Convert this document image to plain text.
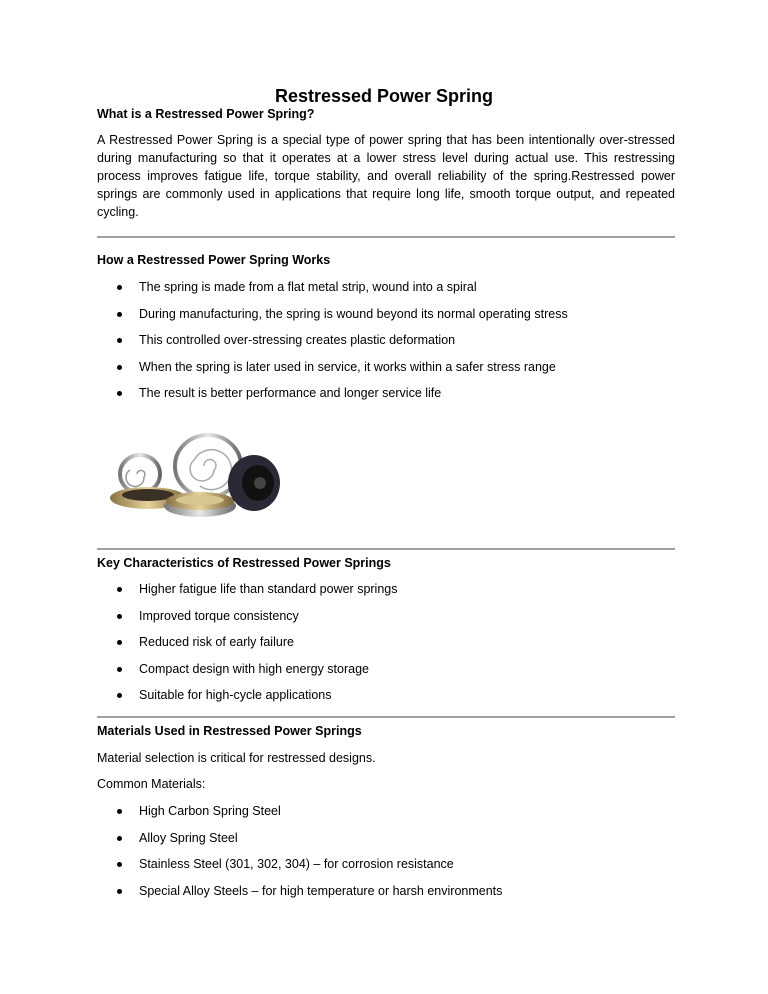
Restressed Power Spring
What is a Restressed Power Spring?
A Restressed Power Spring is a special type of power spring that has been intentionally over-stressed during manufacturing so that it operates at a lower stress level during actual use. This restressing process improves fatigue life, torque stability, and overall reliability of the spring.Restressed power springs are commonly used in applications that require long life, smooth torque output, and repeated cycling.
How a Restressed Power Spring Works
The spring is made from a flat metal strip, wound into a spiral
During manufacturing, the spring is wound beyond its normal operating stress
This controlled over-stressing creates plastic deformation
When the spring is later used in service, it works within a safer stress range
The result is better performance and longer service life
Key Characteristics of Restressed Power Springs
Higher fatigue life than standard power springs
Improved torque consistency
Reduced risk of early failure
Compact design with high energy storage
Suitable for high-cycle applications
Materials Used in Restressed Power Springs
Material selection is critical for restressed designs.
Common Materials:
High Carbon Spring Steel
Alloy Spring Steel
Stainless Steel (301, 302, 304) – for corrosion resistance
Special Alloy Steels – for high temperature or harsh environments
